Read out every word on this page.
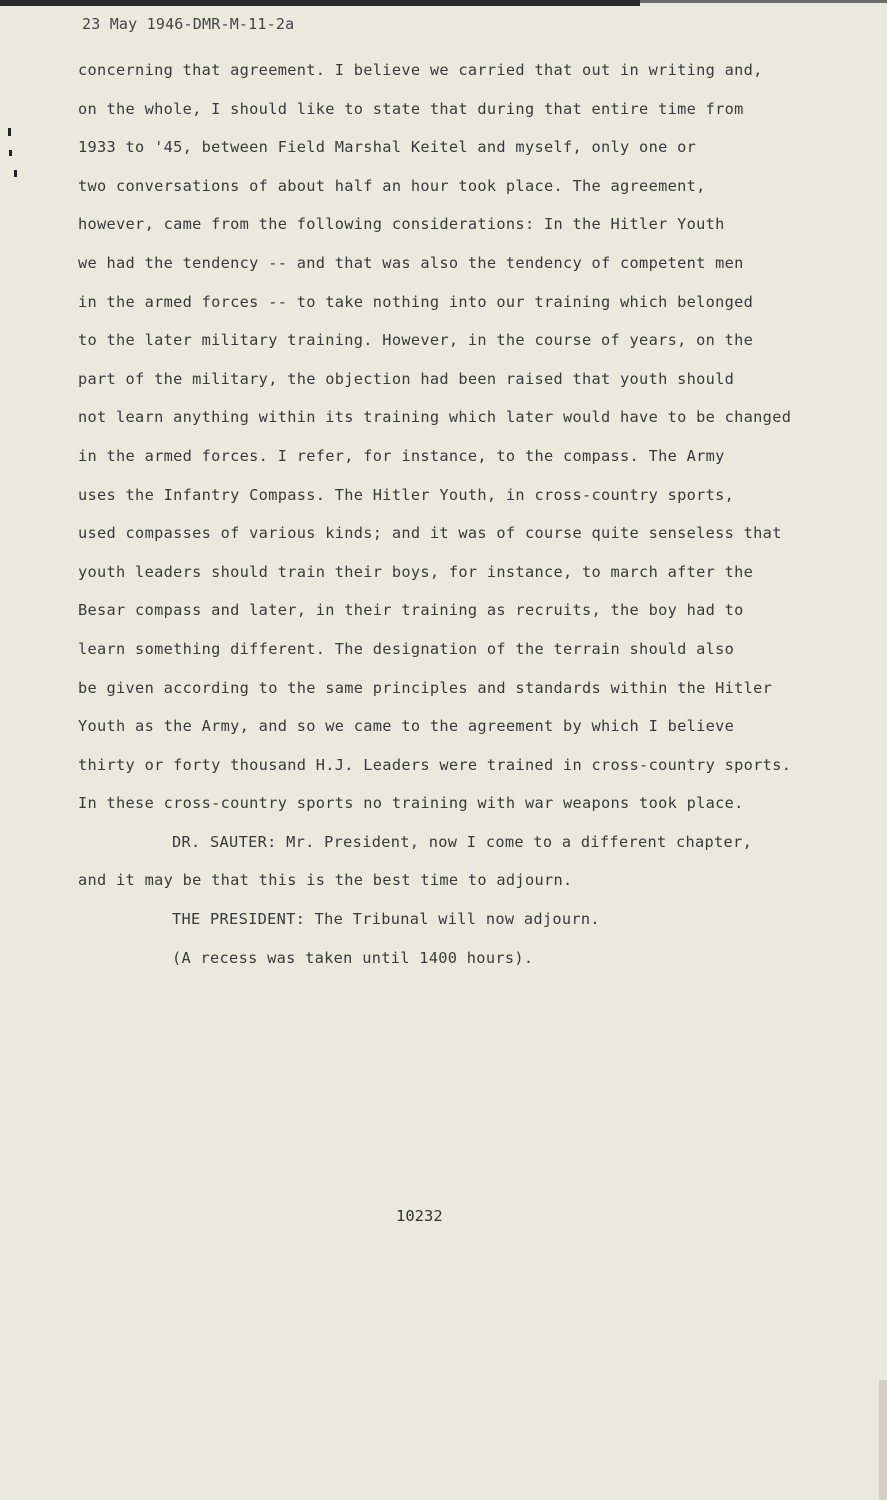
23 May 1946-DMR-M-11-2a
concerning that agreement. I believe we carried that out in writing and,
on the whole, I should like to state that during that entire time from
1933 to '45, between Field Marshal Keitel and myself, only one or
two conversations of about half an hour took place. The agreement,
however, came from the following considerations: In the Hitler Youth
we had the tendency -- and that was also the tendency of competent men
in the armed forces -- to take nothing into our training which belonged
to the later military training. However, in the course of years, on the
part of the military, the objection had been raised that youth should
not learn anything within its training which later would have to be changed
in the armed forces. I refer, for instance, to the compass. The Army
uses the Infantry Compass. The Hitler Youth, in cross-country sports,
used compasses of various kinds; and it was of course quite senseless that
youth leaders should train their boys, for instance, to march after the
Besar compass and later, in their training as recruits, the boy had to
learn something different. The designation of the terrain should also
be given according to the same principles and standards within the Hitler
Youth as the Army, and so we came to the agreement by which I believe
thirty or forty thousand H.J. Leaders were trained in cross-country sports.
In these cross-country sports no training with war weapons took place.
DR. SAUTER: Mr. President, now I come to a different chapter,
and it may be that this is the best time to adjourn.
THE PRESIDENT: The Tribunal will now adjourn.
(A recess was taken until 1400 hours).
10232
